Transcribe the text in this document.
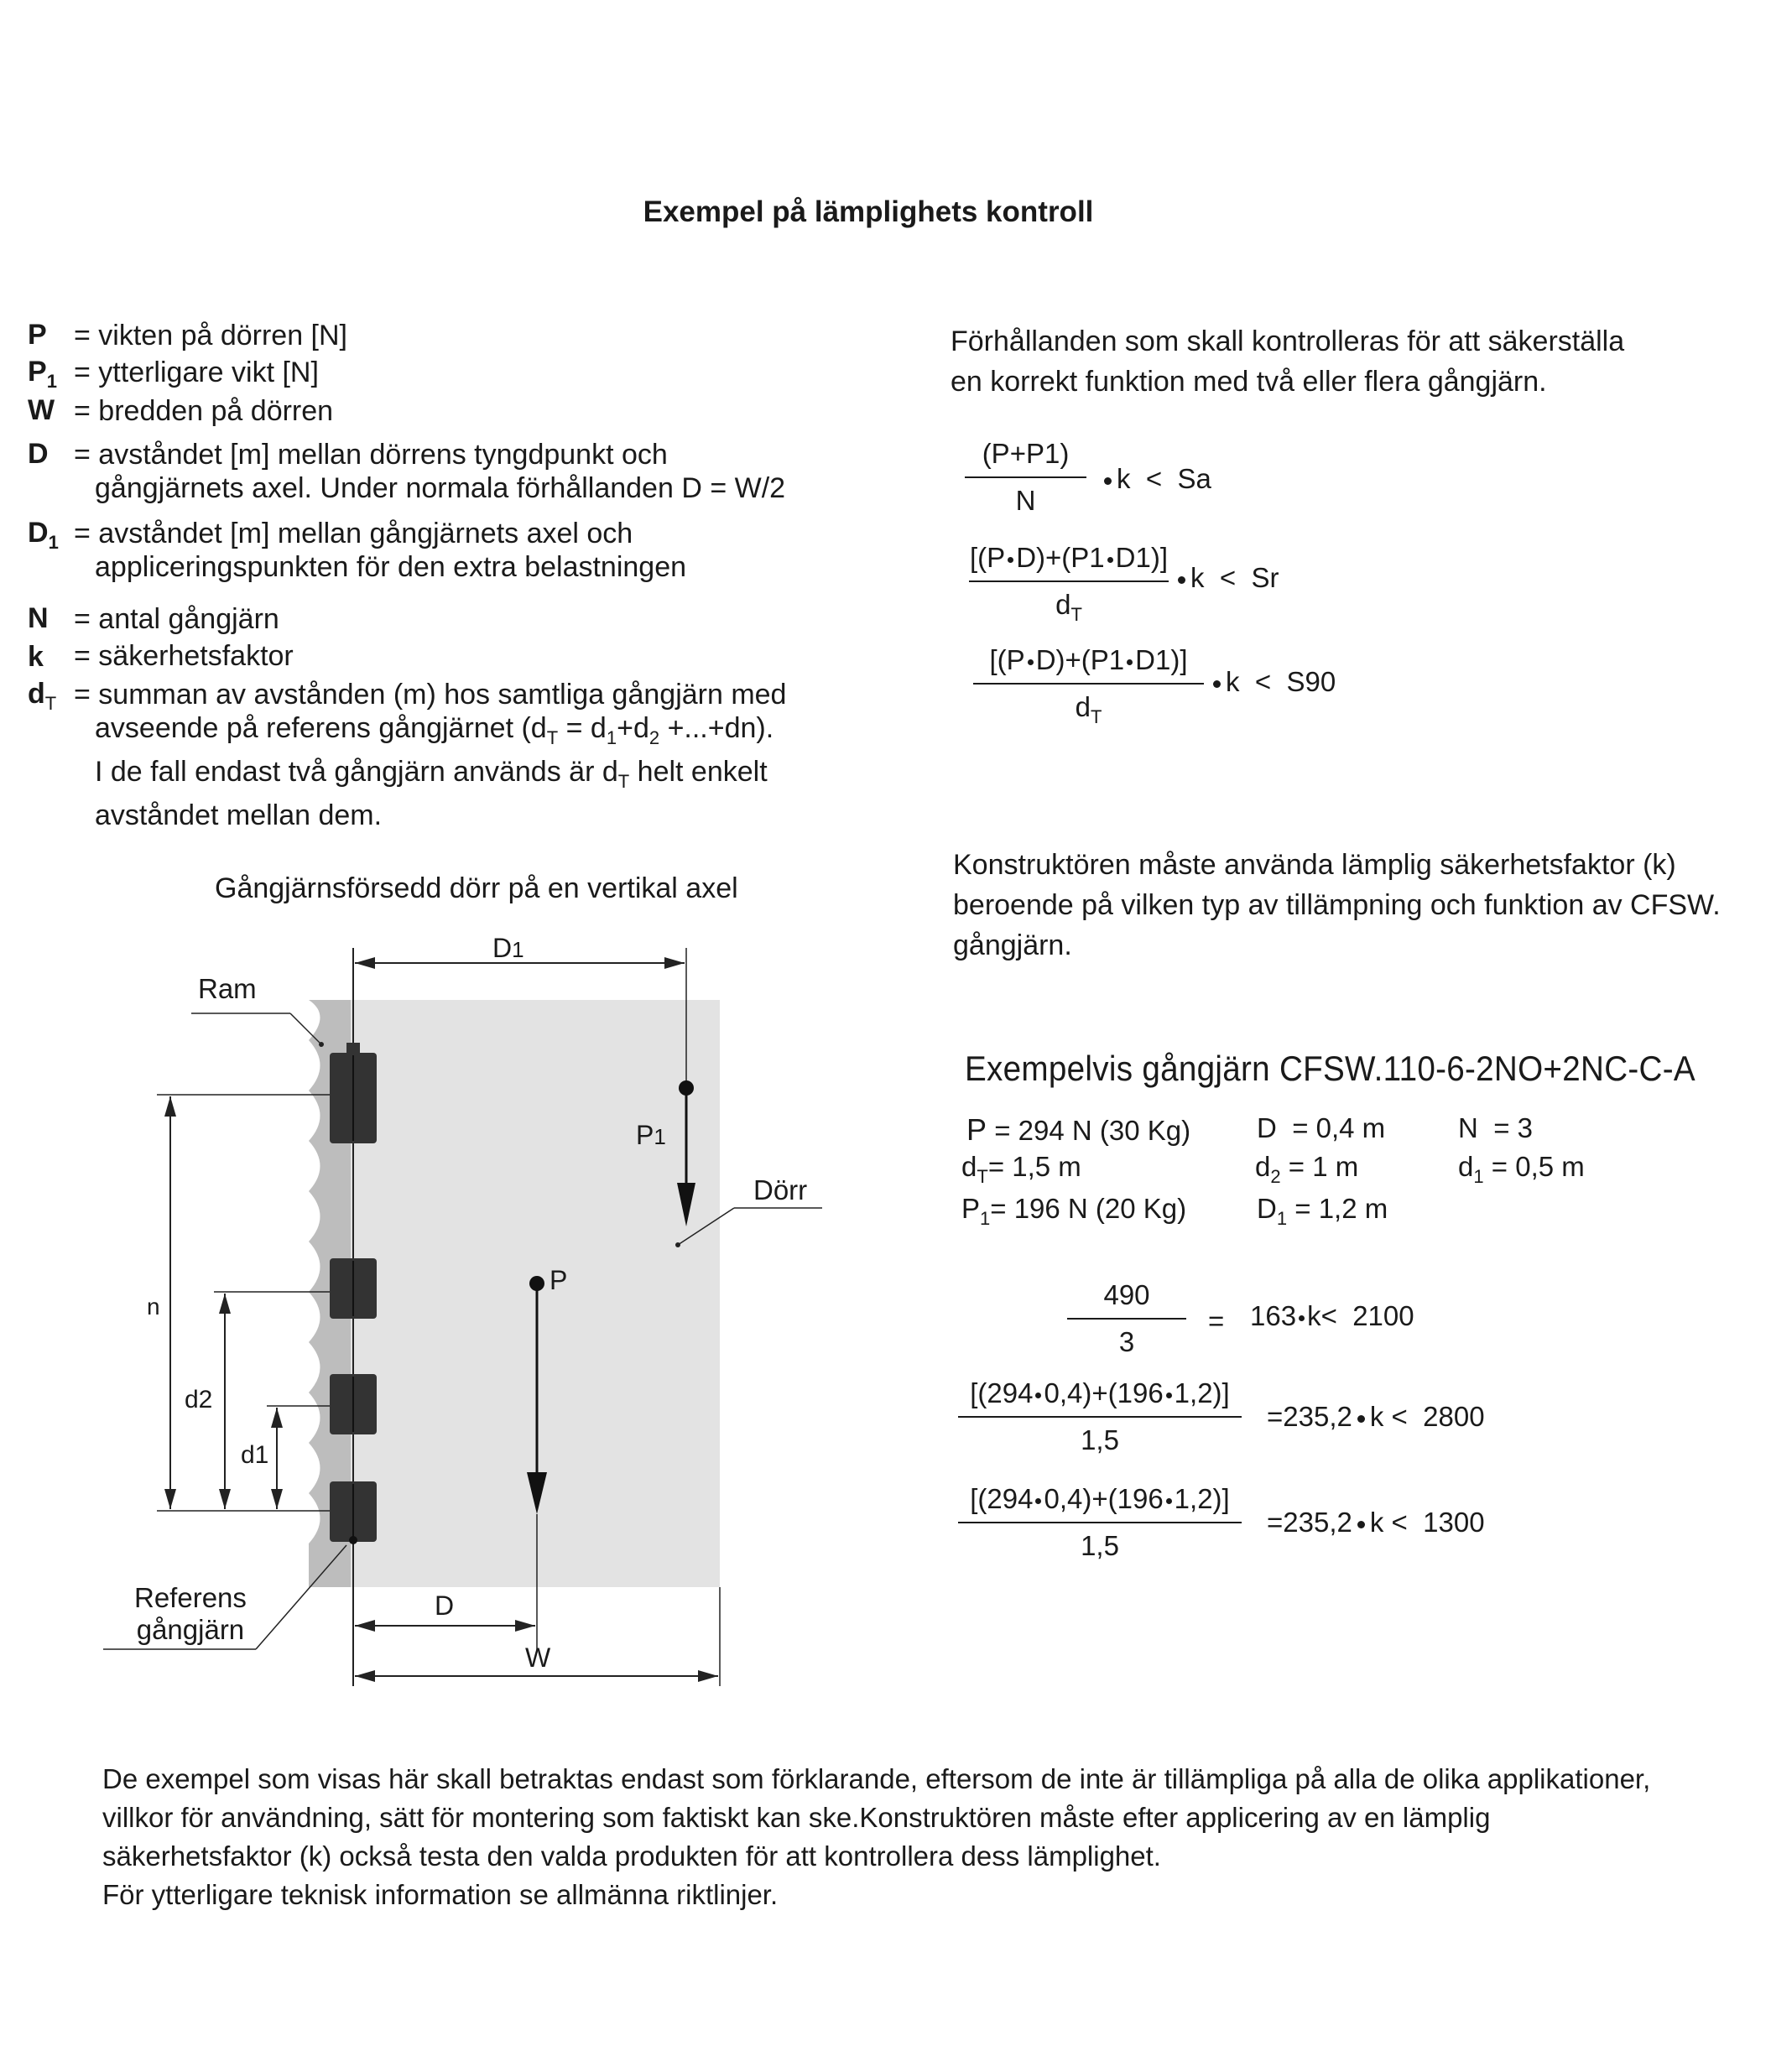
Exempel på lämplighets kontroll
P = vikten på dörren [N]
$P_1$ = ytterligare vikt [N]
W = bredden på dörren
D = avståndet [m] mellan dörrens tyngdpunkt och
gångjärnets axel. Under normala förhållanden D = W/2
$D_1$ = avståndet [m] mellan gångjärnets axel och
appliceringspunkten för den extra belastningen
N = antal gångjärn
k = säkerhetsfaktor
$d_T$ = summan av avstånden (m) hos samtliga gångjärn med
avseende på referens gångjärnet $(d_T = d_1+d_2 +...+dn)$.
I de fall endast två gångjärn används är $d_T$ helt enkelt
avståndet mellan dem.
Förhållanden som skall kontrolleras för att säkerställa
en korrekt funktion med två eller flera gångjärn.
(P+P1)
N
k < Sa
[(P D)+(P1 D1)]
$d_T$
k < Sr
[(P D)+(P1 D1)]
$d_T$
k < S90
Konstruktören måste använda lämplig säkerhetsfaktor (k)
beroende på vilken typ av tillämpning och funktion av CFSW.
gångjärn.
Gångjärnsförsedd dörr på en vertikal axel
D1
Ram
P1
Dörr
P
n
d2
d1
Referens
gångjärn
D
W
Exempelvis gångjärn CFSW.110-6-2NO+2NC-C-A
P = 294 N (30 Kg) D = 0,4 m	N = 3
$d_T= 1,5$ m	$d_2 = 1$ m	$d_1 = 0,5$ m
$P_1= 196$ N (20 Kg)	$D_1 = 1,2$ m
490
3
= 163 k< 2100
[(294 0,4)+(196 1,2)]
1,5
=235,2 k < 2800
[(294 0,4)+(196 1,2)]
1,5
=235,2 k < 1300
De exempel som visas här skall betraktas endast som förklarande, eftersom de inte är tillämpliga på alla de olika applikationer,
villkor för användning, sätt för montering som faktiskt kan ske.Konstruktören måste efter applicering av en lämplig
säkerhetsfaktor (k) också testa den valda produkten för att kontrollera dess lämplighet.
För ytterligare teknisk information se allmänna riktlinjer.
